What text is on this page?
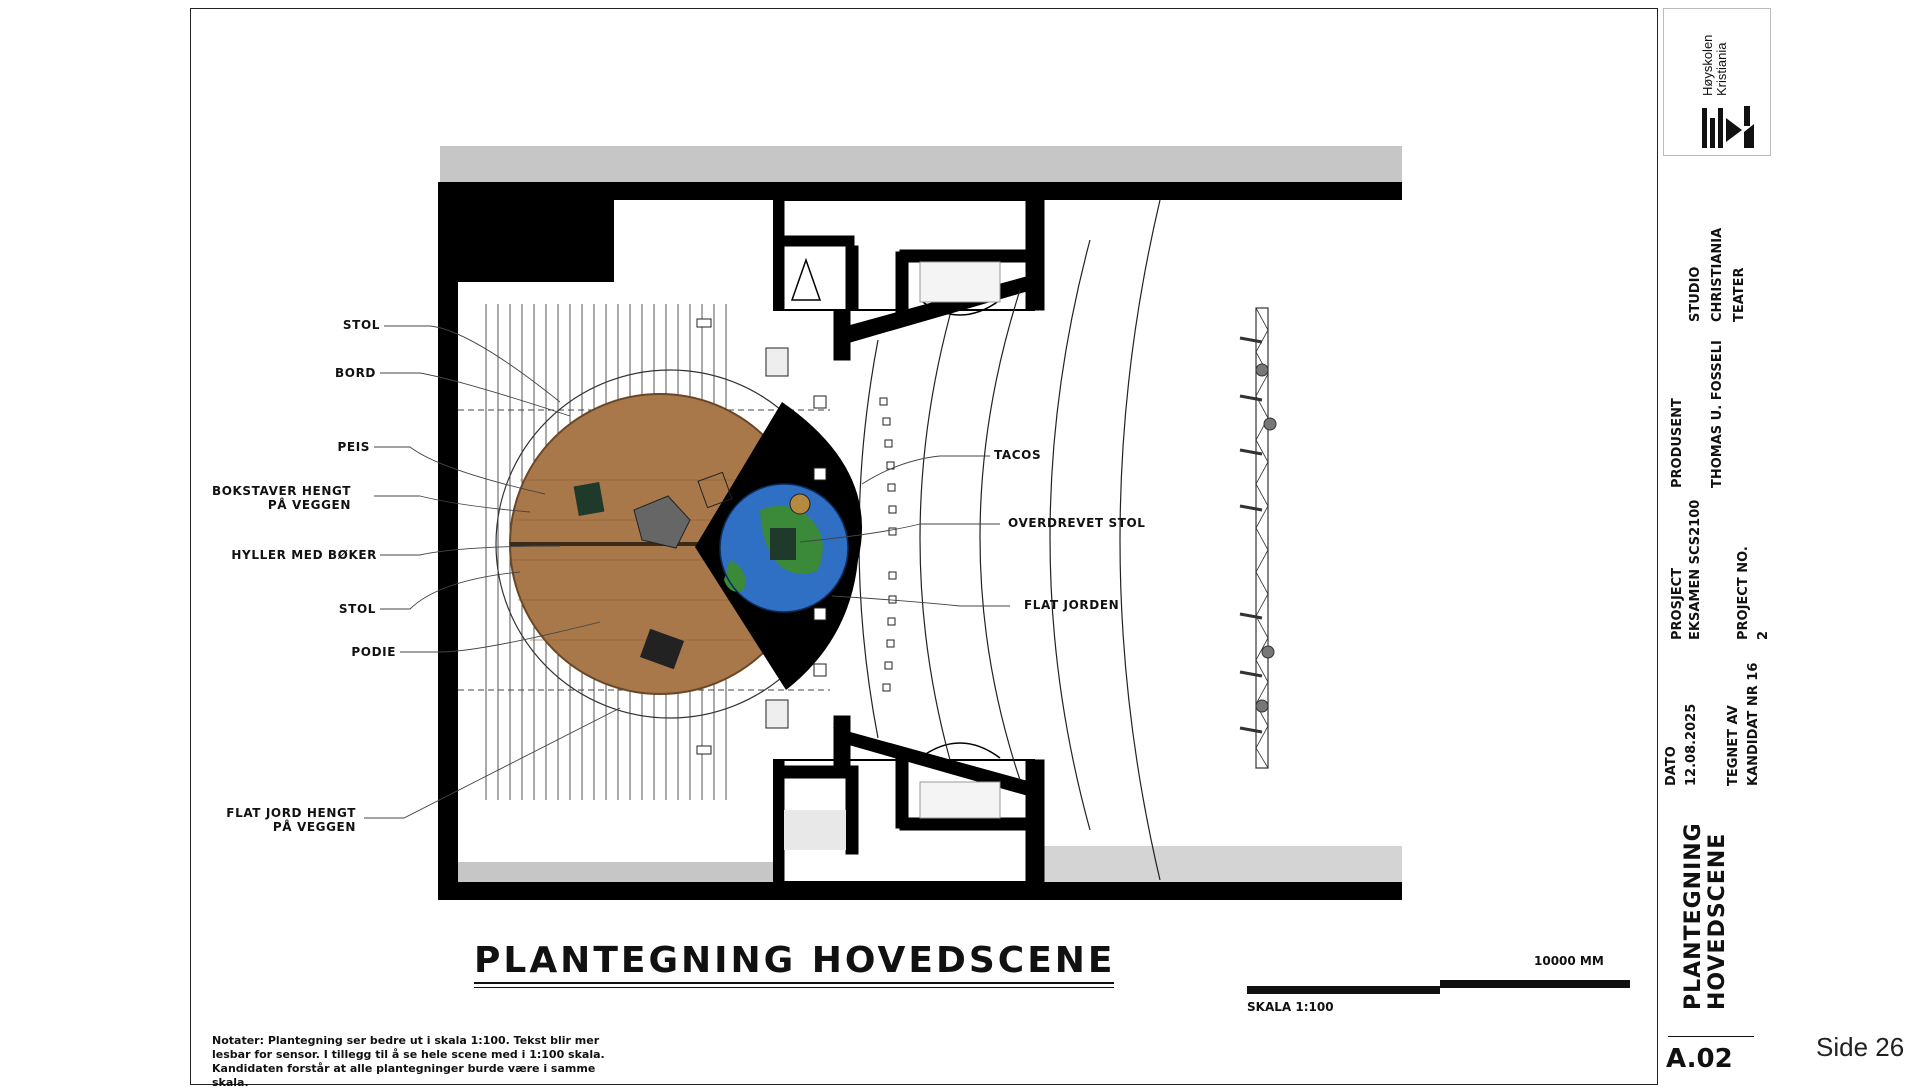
STOL
BORD
PEIS
BOKSTAVER HENGT
PÅ VEGGEN
HYLLER MED BØKER
STOL
PODIE
FLAT JORD HENGT
PÅ VEGGEN
TACOS
OVERDREVET STOL
FLAT JORDEN
PLANTEGNING HOVEDSCENE	10000 MM
SKALA 1:100
Notater: Plantegning ser bedre ut i skala 1:100. Tekst blir mer lesbar for sensor. I tillegg til å se hele scene med i 1:100 skala. Kandidaten forstår at alle plantegninger burde være i samme skala.
Høyskolen Kristiania
STUDIO CHRISTIANIA TEATER
PRODUSENT THOMAS U. FOSSELI
PROSJECT EKSAMEN SCS2100	PROJECT NO. 2
DATO 12.08.2025 TEGNET AV KANDIDAT NR 16
PLANTEGNING HOVEDSCENE
A.02	Side 26
